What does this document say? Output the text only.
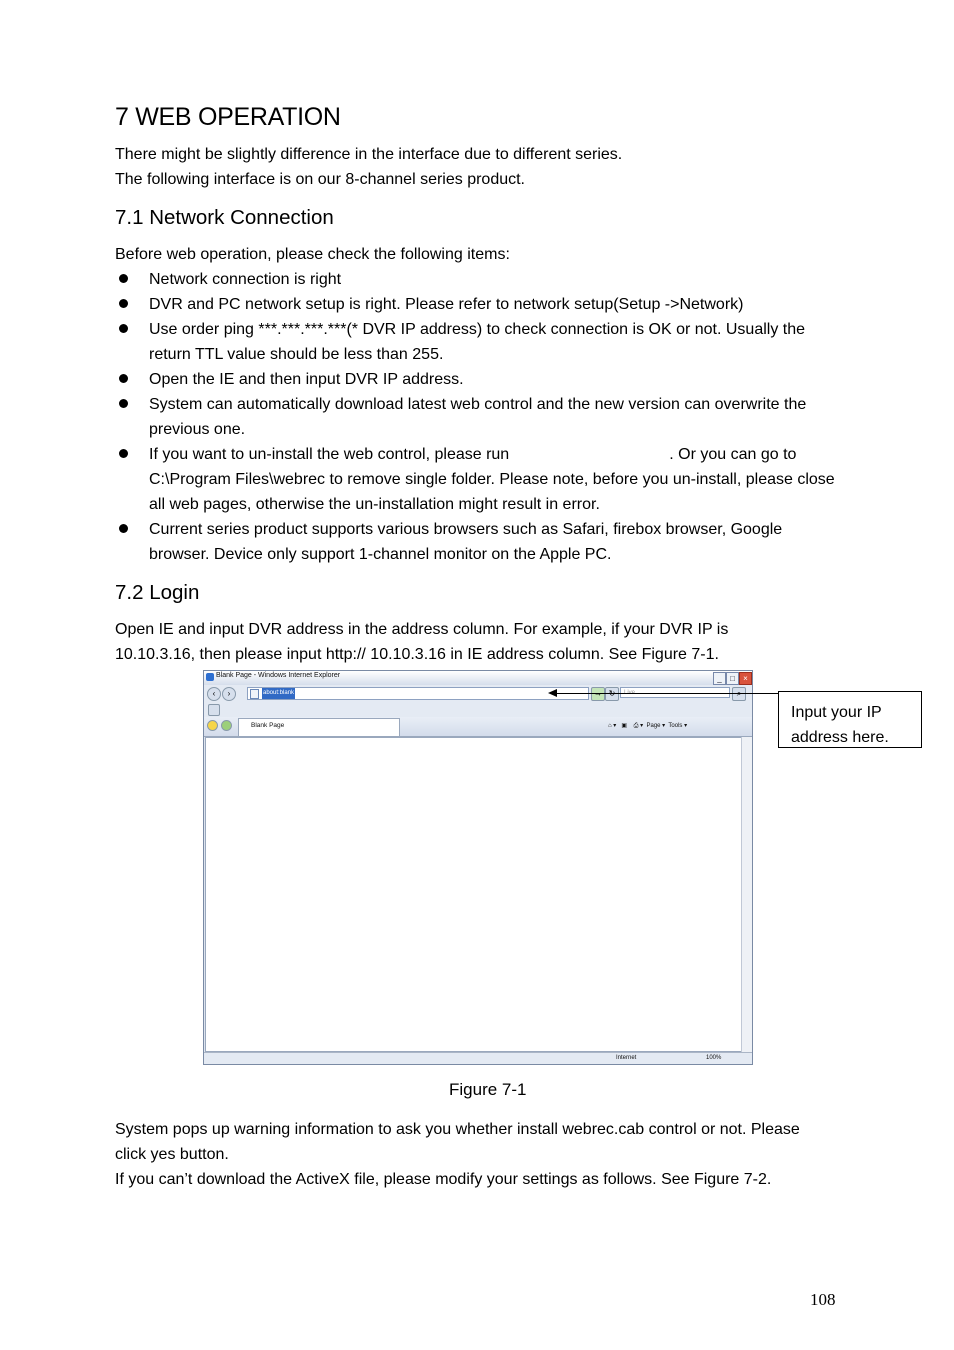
7 WEB OPERATION
There might be slightly difference in the interface due to different series.
The following interface is on our 8-channel series product.
7.1 Network Connection
Before web operation, please check the following items:
Network connection is right
DVR and PC network setup is right. Please refer to network setup(Setup ->Network)
Use order ping ***.***.***.***(* DVR IP address) to check connection is OK or not. Usually the return TTL value should be less than 255.
Open the IE and then input DVR IP address.
System can automatically download latest web control and the new version can overwrite the previous one.
If you want to un-install the web control, please run                                    . Or you can go to C:\Program Files\webrec to remove single folder. Please note, before you un-install, please close all web pages, otherwise the un-installation might result in error.
Current series product supports various browsers such as Safari, firebox browser, Google browser. Device only support 1-channel monitor on the Apple PC.
7.2 Login
Open IE and input DVR address in the address column. For example, if your DVR IP is
10.10.3.16, then please input http:// 10.10.3.16 in IE address column. See Figure 7-1.
Blank Page - Windows Internet Explorer	_	□	×
‹	›	about:blank
Blank Page	⌂ ▾ ▣ ⎙ ▾ Page ▾  Tools ▾
Internet	100%
Input your IP
address here.
Figure 7-1
System pops up warning information to ask you whether install webrec.cab control or not. Please
click yes button.
If you can’t download the ActiveX file, please modify your settings as follows. See Figure 7-2.
108
